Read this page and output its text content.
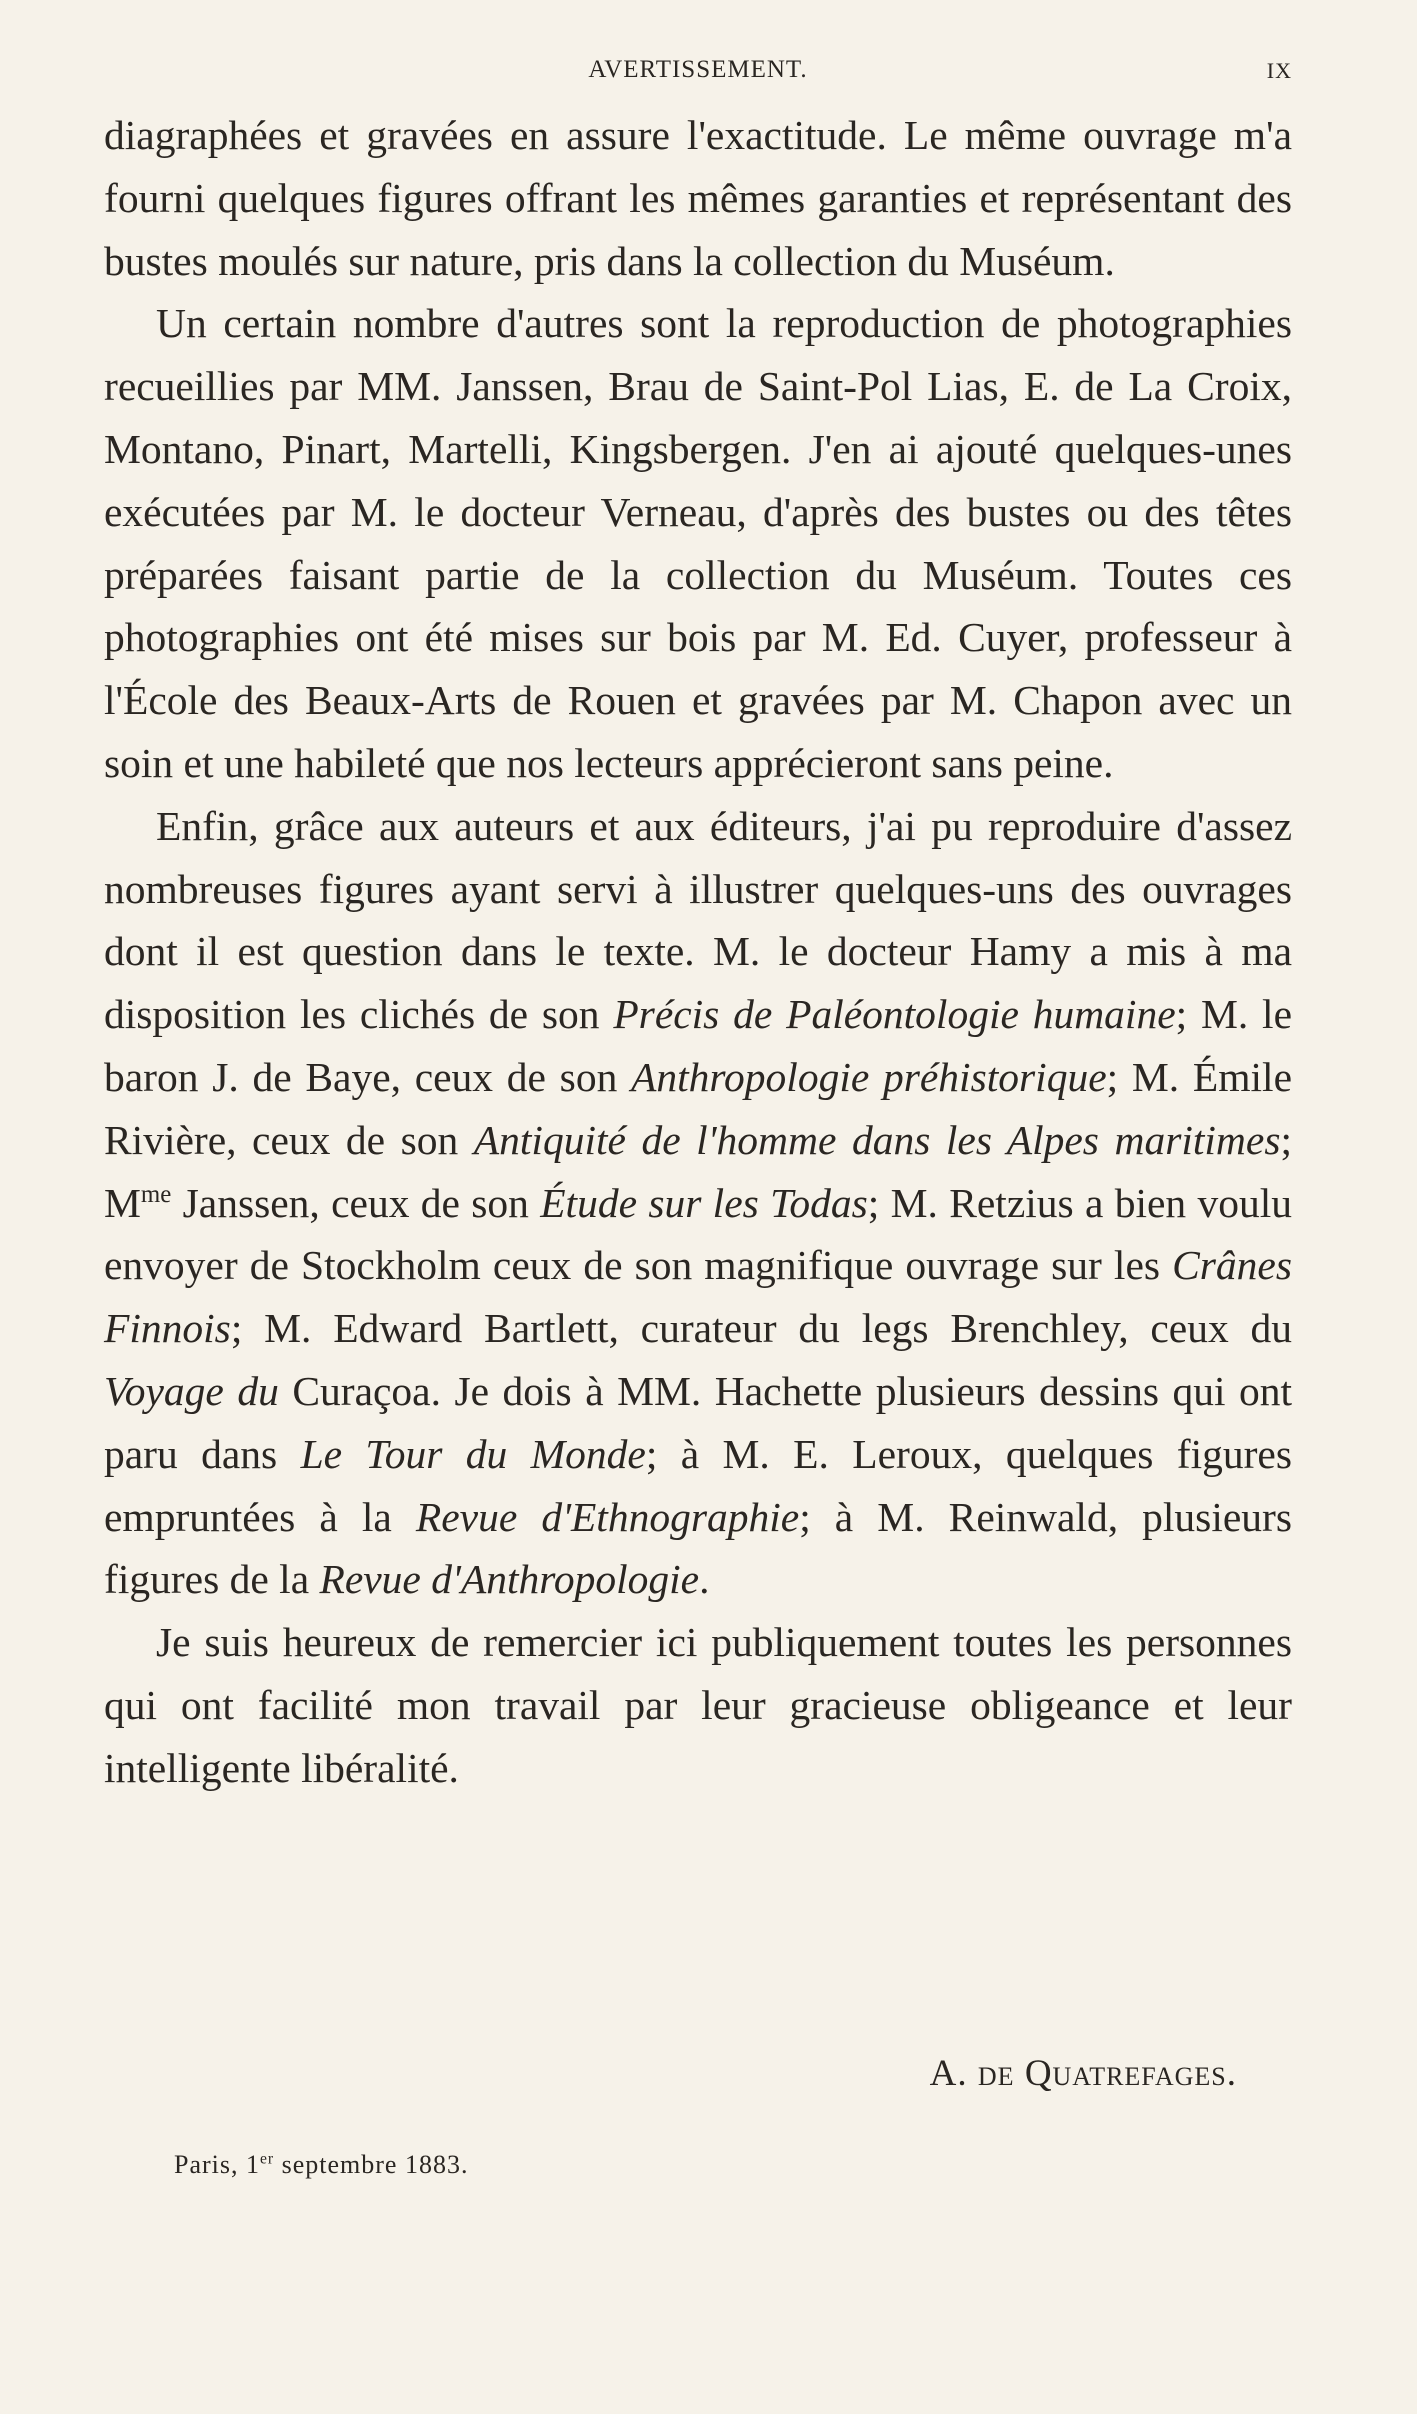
AVERTISSEMENT.	IX

diagraphées et gravées en assure l'exactitude. Le même ouvrage m'a fourni quelques figures offrant les mêmes garanties et représentant des bustes moulés sur nature, pris dans la collection du Muséum.

Un certain nombre d'autres sont la reproduction de photographies recueillies par MM. Janssen, Brau de Saint-Pol Lias, E. de La Croix, Montano, Pinart, Martelli, Kingsbergen. J'en ai ajouté quelques-unes exécutées par M. le docteur Verneau, d'après des bustes ou des têtes préparées faisant partie de la collection du Muséum. Toutes ces photographies ont été mises sur bois par M. Ed. Cuyer, professeur à l'École des Beaux-Arts de Rouen et gravées par M. Chapon avec un soin et une habileté que nos lecteurs apprécieront sans peine.

Enfin, grâce aux auteurs et aux éditeurs, j'ai pu reproduire d'assez nombreuses figures ayant servi à illustrer quelques-uns des ouvrages dont il est question dans le texte. M. le docteur Hamy a mis à ma disposition les clichés de son Précis de Paléontologie humaine; M. le baron J. de Baye, ceux de son Anthropologie préhistorique; M. Émile Rivière, ceux de son Antiquité de l'homme dans les Alpes maritimes; $M^{me}$ Janssen, ceux de son Étude sur les Todas; M. Retzius a bien voulu envoyer de Stockholm ceux de son magnifique ouvrage sur les Crânes Finnois; M. Edward Bartlett, curateur du legs Brenchley, ceux du Voyage du Curaçoa. Je dois à MM. Hachette plusieurs dessins qui ont paru dans Le Tour du Monde; à M. E. Leroux, quelques figures empruntées à la Revue d'Ethnographie; à M. Reinwald, plusieurs figures de la Revue d'Anthropologie.

Je suis heureux de remercier ici publiquement toutes les personnes qui ont facilité mon travail par leur gracieuse obligeance et leur intelligente libéralité.

A. de Quatrefages.
Paris, 1er septembre 1883.
